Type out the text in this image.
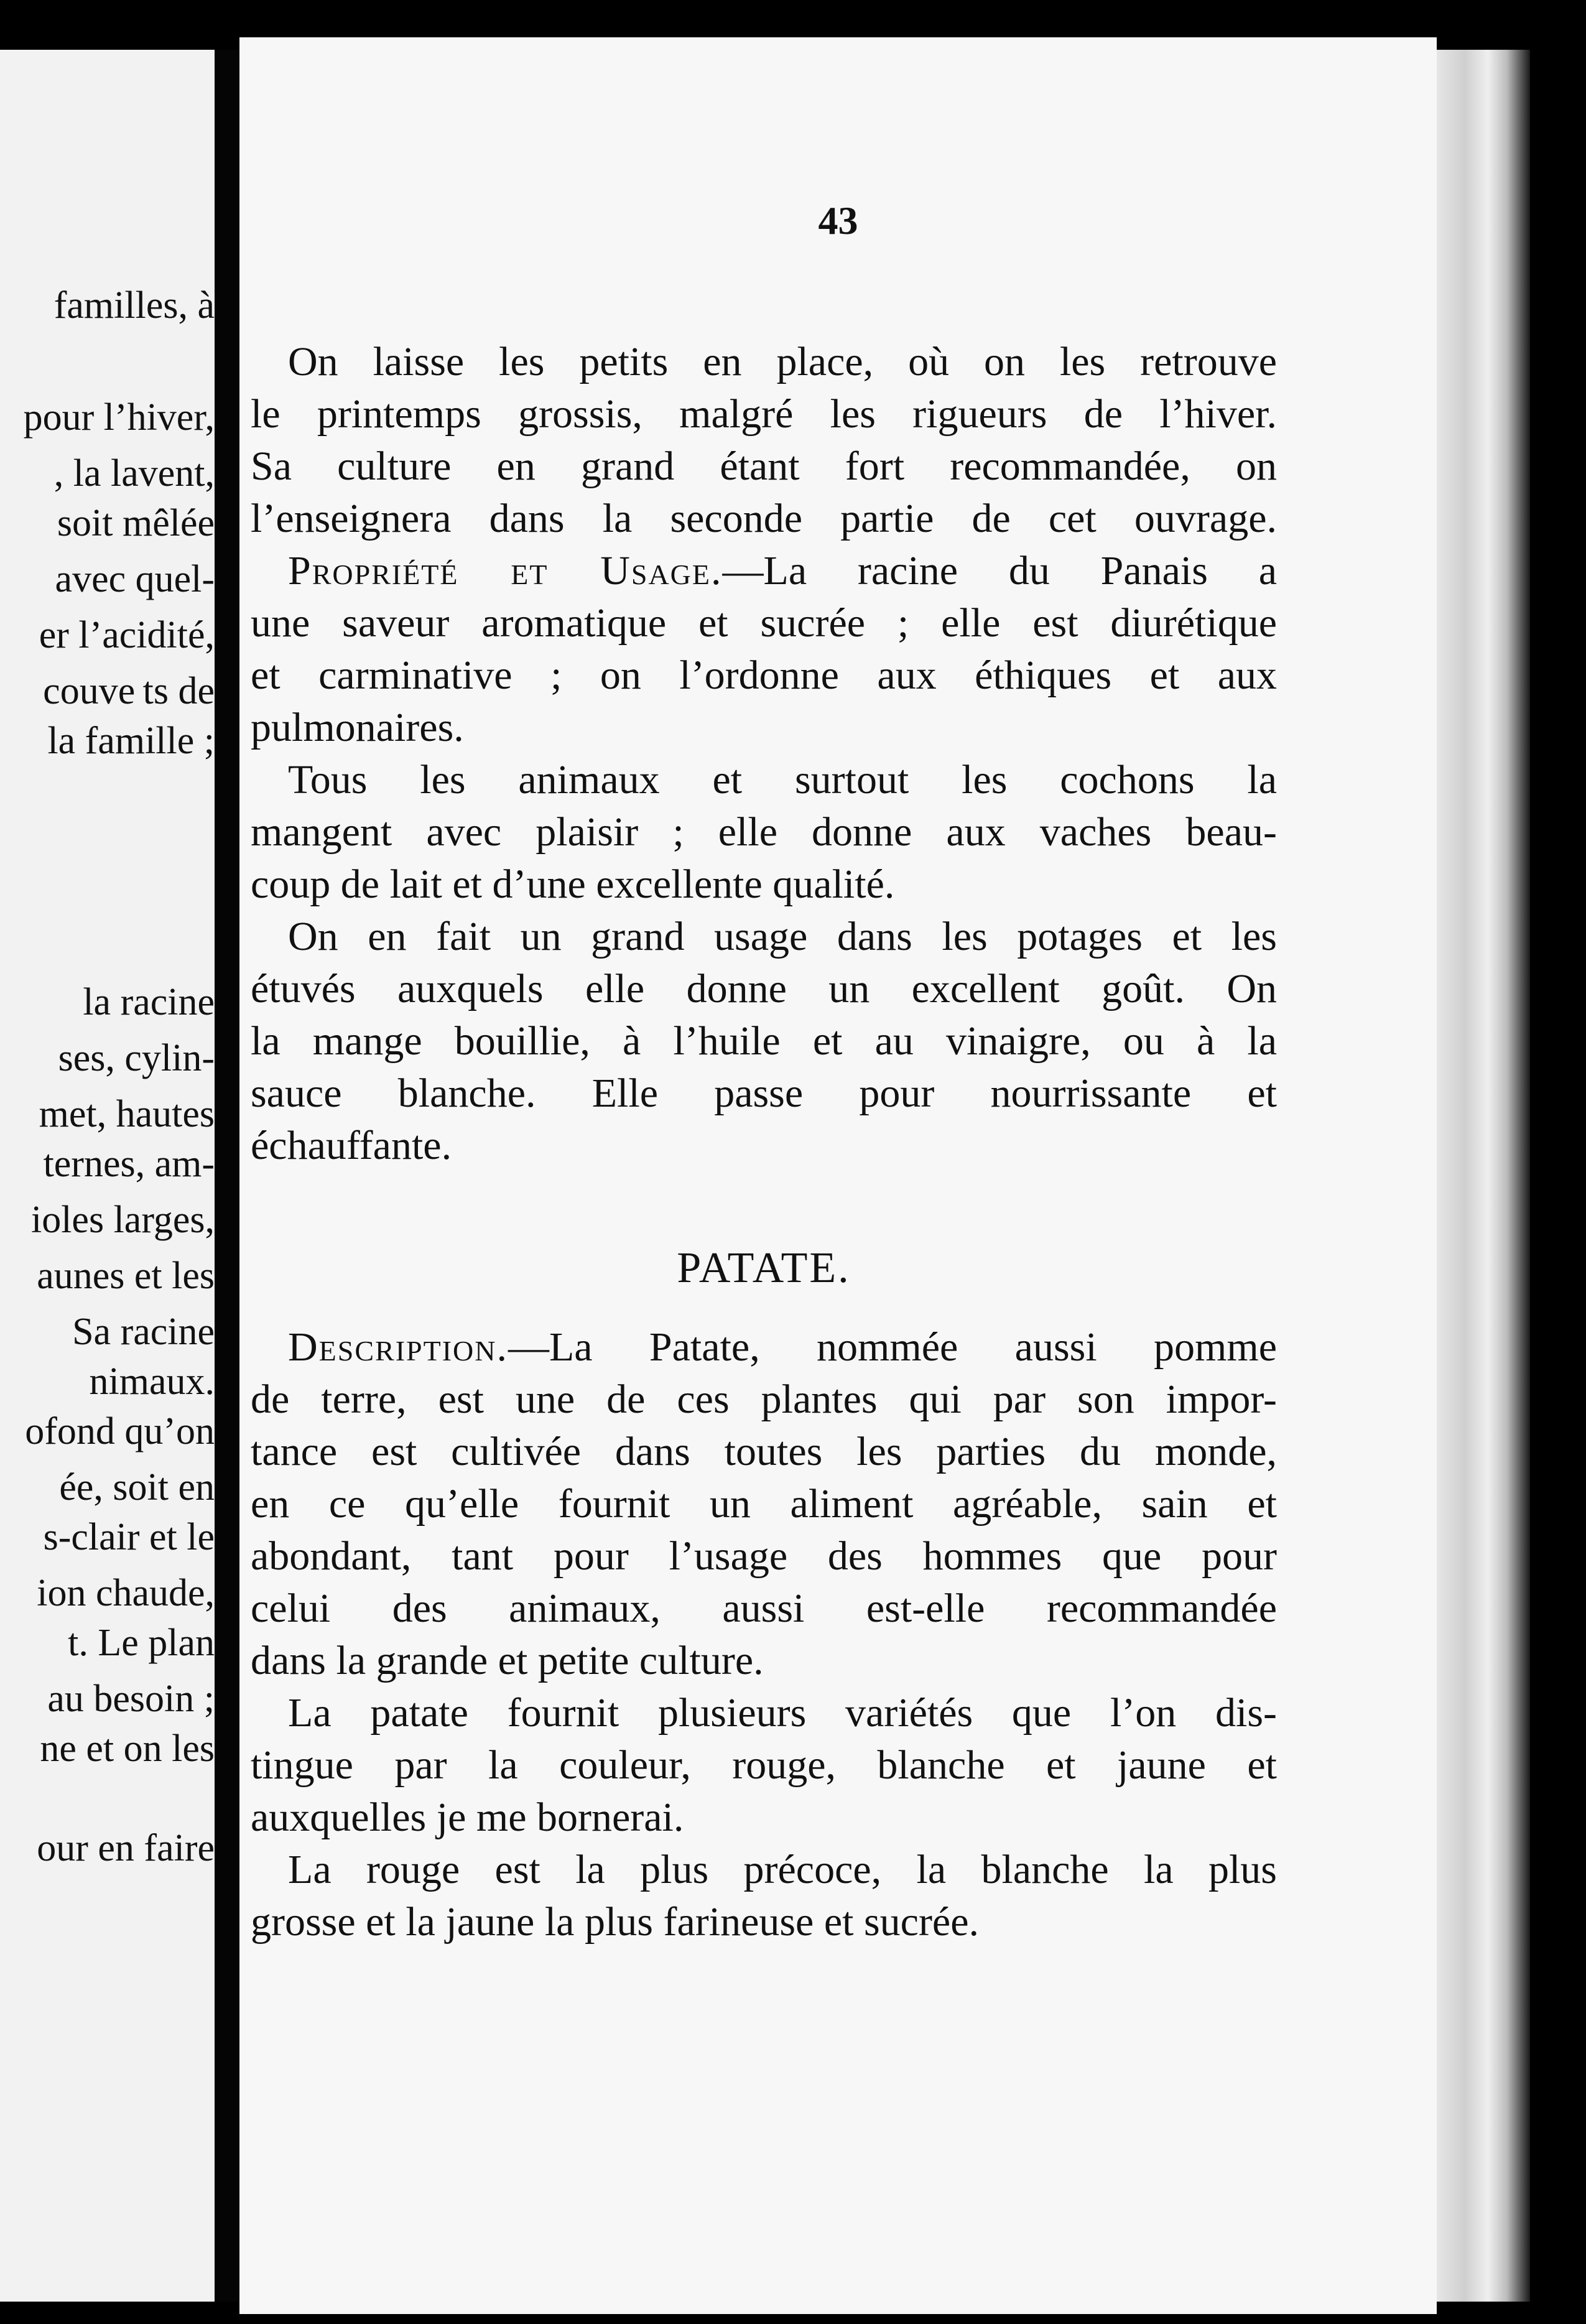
familles, à
pour l’hiver,
, la lavent,
soit mêlée
avec quel-
er l’acidité,
couve ts de
la famille ;
la racine
ses, cylin-
met, hautes
ternes, am-
ioles larges,
aunes et les
Sa racine
nimaux.
ofond qu’on
ée, soit en
s-clair et le
ion chaude,
t. Le plan
au besoin ;
ne et on les
our en faire
43
On laisse les petits en place, où on les retrouve
le printemps grossis, malgré les rigueurs de l’hiver.
Sa culture en grand étant fort recommandée, on
l’enseignera dans la seconde partie de cet ouvrage.
Propriété et Usage.—La racine du Panais a
une saveur aromatique et sucrée ; elle est diurétique
et carminative ; on l’ordonne aux éthiques et aux
pulmonaires.
Tous les animaux et surtout les cochons la
mangent avec plaisir ; elle donne aux vaches beau-
coup de lait et d’une excellente qualité.
On en fait un grand usage dans les potages et les
étuvés auxquels elle donne un excellent goût. On
la mange bouillie, à l’huile et au vinaigre, ou à la
sauce blanche. Elle passe pour nourrissante et
échauffante.
PATATE.
Description.—La Patate, nommée aussi pomme
de terre, est une de ces plantes qui par son impor-
tance est cultivée dans toutes les parties du monde,
en ce qu’elle fournit un aliment agréable, sain et
abondant, tant pour l’usage des hommes que pour
celui des animaux, aussi est-elle recommandée
dans la grande et petite culture.
La patate fournit plusieurs variétés que l’on dis-
tingue par la couleur, rouge, blanche et jaune et
auxquelles je me bornerai.
La rouge est la plus précoce, la blanche la plus
grosse et la jaune la plus farineuse et sucrée.
